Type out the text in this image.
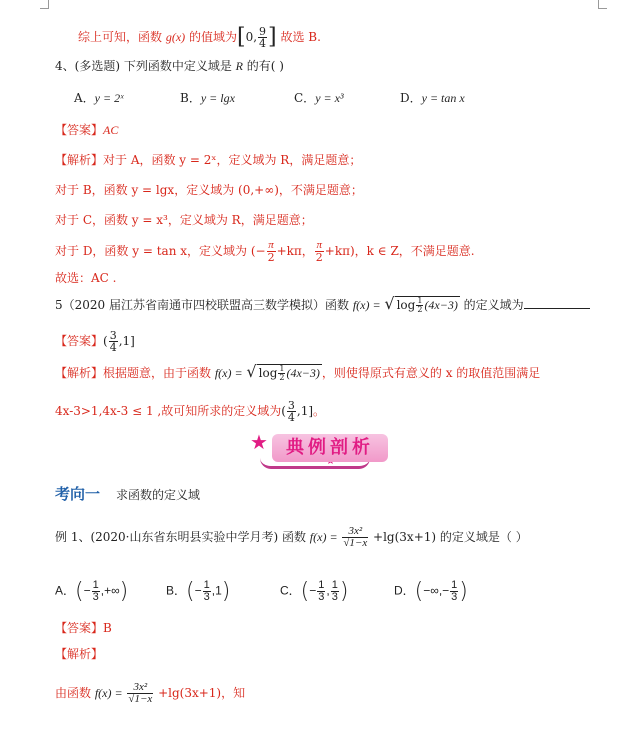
综上可知，函数 g(x) 的值域为[0, $\frac{9}{4}$ ] 故选 B.
4、(多选题) 下列函数中定义域是 R 的有( )
A．y = 2ˣ	B．y = lgx	C．y = x³	D．y = tan x
【答案】AC
【解析】对于 A，函数 y = 2ˣ，定义域为 R，满足题意；
对于 B，函数 y = lgx，定义域为 (0,+∞)，不满足题意；
对于 C，函数 y = x³，定义域为 R，满足题意；
对于 D，函数 y = tan x，定义域为 (− $\frac{\pi}{2} +k\pi$， $\frac{\pi}{2} +k\pi$)，k ∈ Z，不满足题意.
故选：AC .
5（2020 届江苏省南通市四校联盟高三数学模拟）函数 f(x) = √ $\log \frac{1}{2} (4x-3)$ 的定义域为
【答案】( $\frac{3}{4} ,1$]
【解析】根据题意，由于函数 f(x) = √ $\log \frac{1}{2} (4x-3)$ ，则使得原式有意义的 x 的取值范围满足
4x-3>1,4x-3 ≤ 1 ,故可知所求的定义域为( $\frac{3}{4} ,1$]。
★	典例剖析
考向一 求函数的定义域
例 1、(2020·山东省东明县实验中学月考) 函数 $f(x) = \frac{\text{3x²}}{√1-x} +\lg(3x+1)$ 的定义域是（ ）
A．(− $\frac{1}{3}$ ,+∞)	B．(− $\frac{1}{3} ,1$)	C．(− $\frac{1}{3}$ , $\frac{1}{3}$ )	D．(−∞,− $\frac{1}{3}$ )
【答案】B
【解析】
由函数 $f(x) = \frac{\text{3x²}}{√1-x} +\lg(3x+1)$，知
